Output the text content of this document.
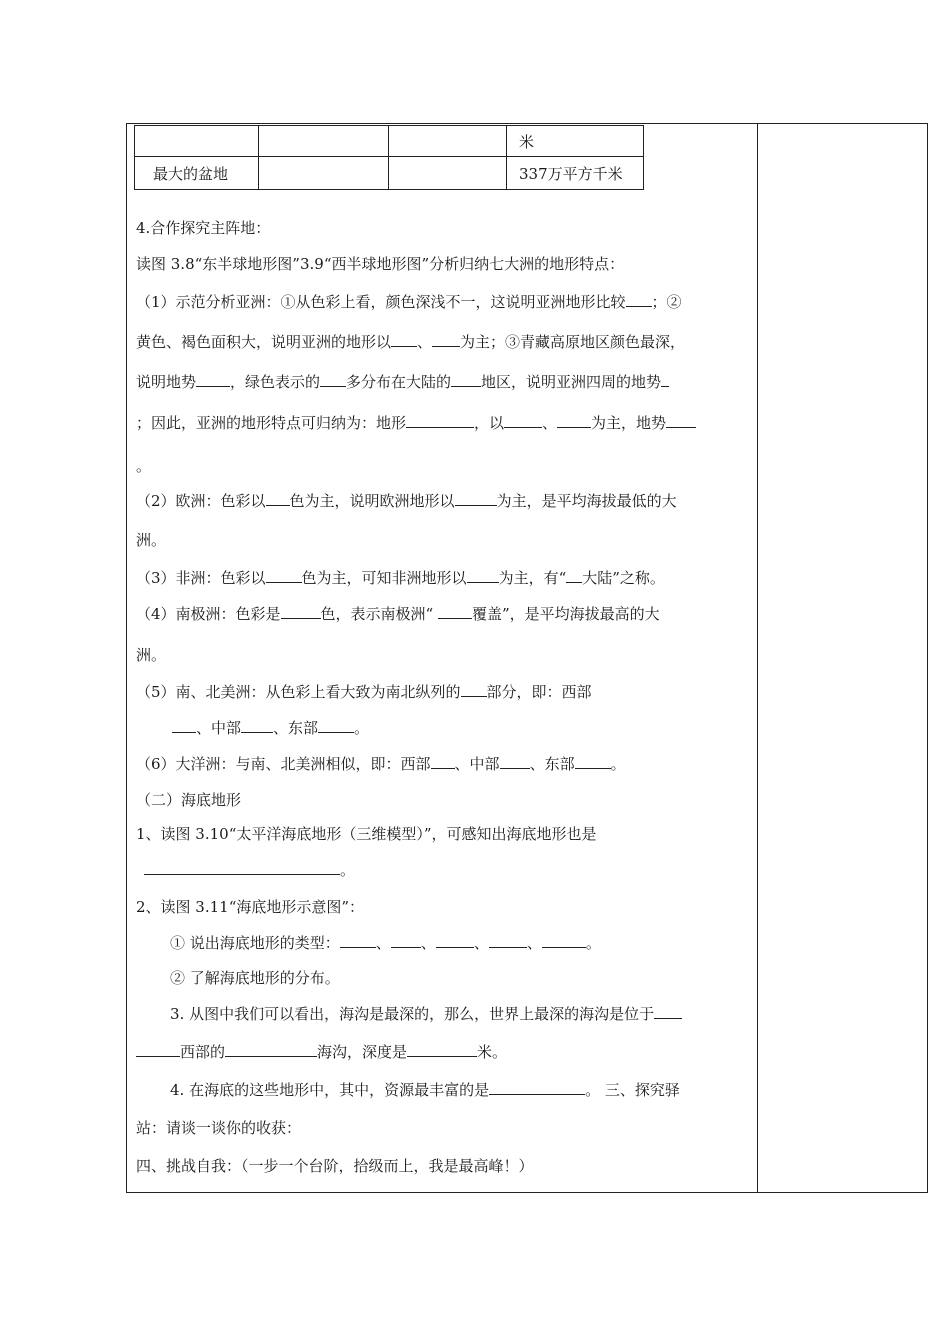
			米
最大的盆地			337万平方千米
4.合作探究主阵地：
读图 3.8“东半球地形图”3.9“西半球地形图”分析归纳七大洲的地形特点：
（1）示范分析亚洲：①从色彩上看，颜色深浅不一，这说明亚洲地形比较 ；②
黄色、褐色面积大，说明亚洲的地形以 、 为主；③青藏高原地区颜色最深，
说明地势 ，绿色表示的 多分布在大陆的 地区，说明亚洲四周的地势
；因此，亚洲的地形特点可归纳为：地形	，以	、 为主，地势
。
（2）欧洲：色彩以 色为主，说明欧洲地形以	为主，是平均海拔最低的大
洲。
（3）非洲：色彩以 色为主，可知非洲地形以 为主，有“ 大陆”之称。
（4）南极洲：色彩是	色，表示南极洲“ 覆盖”，是平均海拔最高的大
洲。
（5）南、北美洲：从色彩上看大致为南北纵列的 部分，即：西部
、中部 、东部 。
（6）大洋洲：与南、北美洲相似，即：西部 、中部 、东部 。
（二）海底地形
1、读图 3.10“太平洋海底地形（三维模型）”，可感知出海底地形也是
。
2、读图 3.11“海底地形示意图”：
① 说出海底地形的类型： 、 、	、	、	。
② 了解海底地形的分布。
3. 从图中我们可以看出，海沟是最深的，那么，世界上最深的海沟是位于
西部的	海沟，深度是	米。
4. 在海底的这些地形中，其中，资源最丰富的是	。 三、探究驿
站：请谈一谈你的收获：
四、挑战自我：（一步一个台阶，拾级而上，我是最高峰！）
